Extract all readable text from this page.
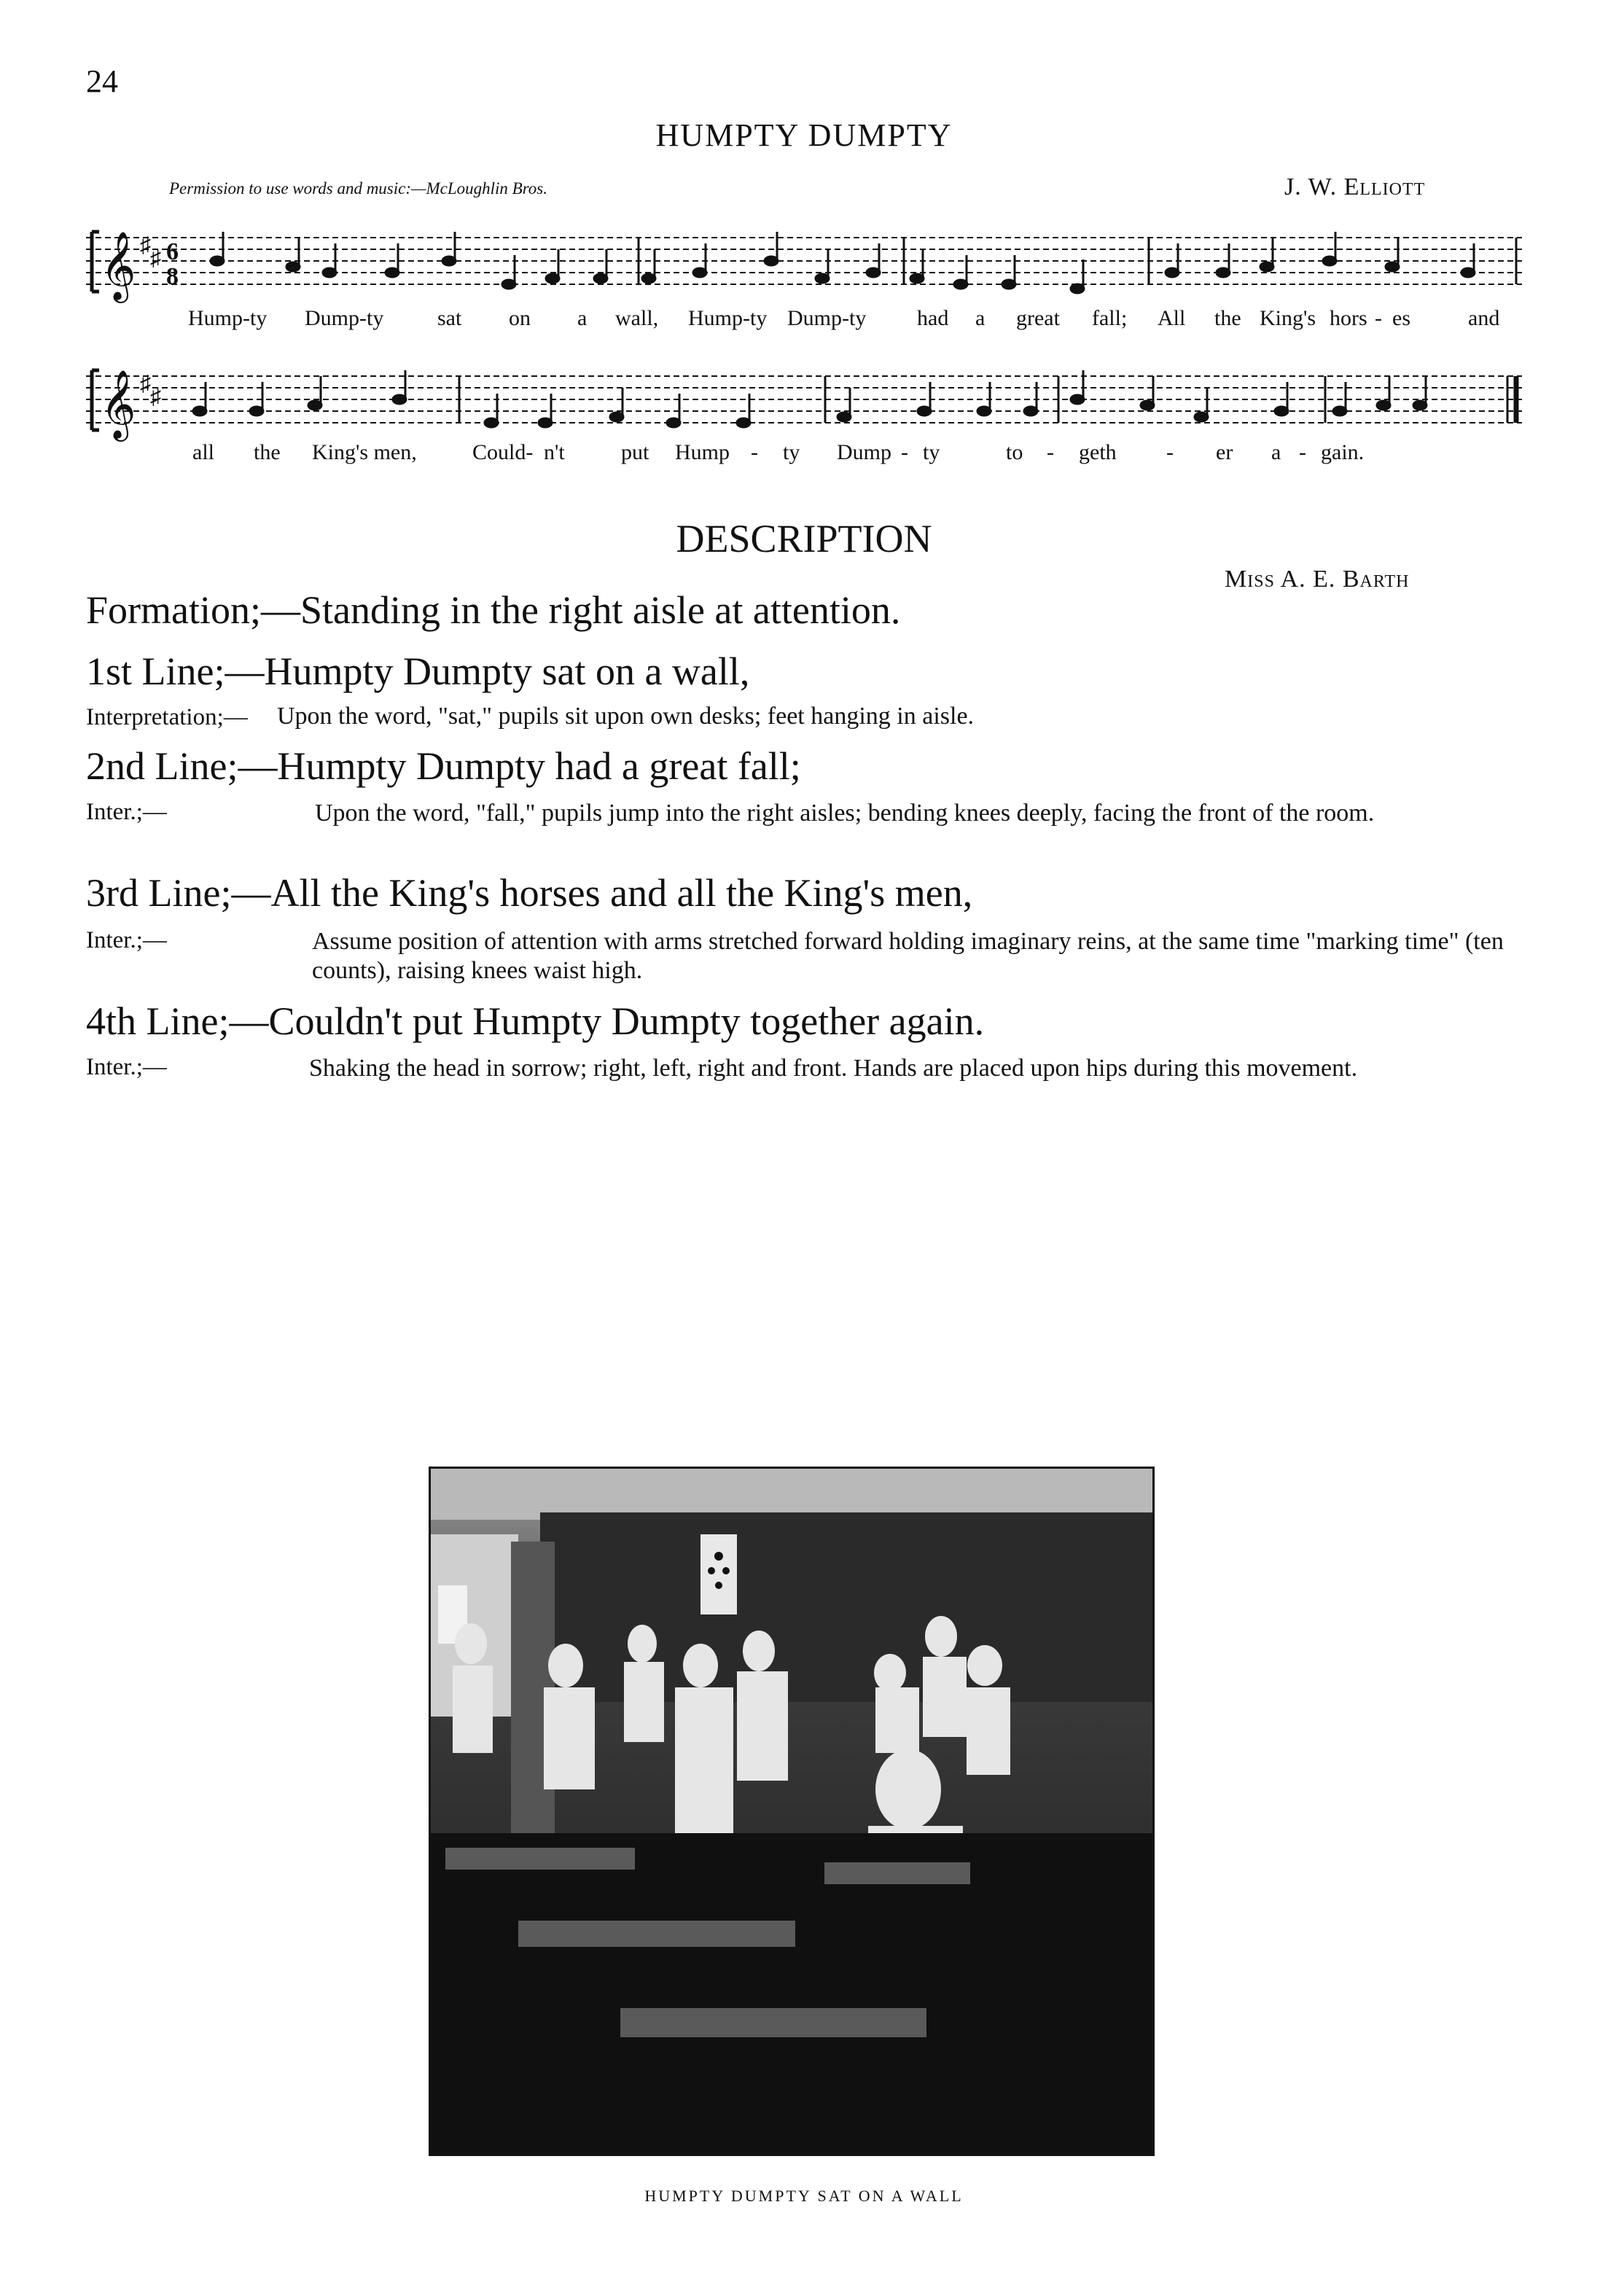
24
HUMPTY DUMPTY
Permission to use words and music:—McLoughlin Bros.	J. W. Elliott
𝄞 ♯
♯ 6
8
Hump-ty Dump-ty sat on a wall, Hump-ty Dump-ty had a great fall; All the King's hors - es	and
𝄞 ♯
♯
all the King's men,	Could- n't	put Hump - ty Dump - ty	to - geth - er a - gain.
DESCRIPTION
Miss A. E. Barth
Formation;—Standing in the right aisle at attention.
1st Line;—Humpty Dumpty sat on a wall,
Interpretation;— Upon the word, "sat," pupils sit upon own desks; feet hanging in aisle.
2nd Line;—Humpty Dumpty had a great fall;
Inter.;—	Upon the word, "fall," pupils jump into the right aisles; bending knees deeply, facing the front of the room.
3rd Line;—All the King's horses and all the King's men,
Inter.;—	Assume position of attention with arms stretched forward holding imaginary reins, at the same time "marking time" (ten counts), raising knees waist high.
4th Line;—Couldn't put Humpty Dumpty together again.
Inter.;—	Shaking the head in sorrow; right, left, right and front. Hands are placed upon hips during this movement.
HUMPTY DUMPTY SAT ON A WALL
